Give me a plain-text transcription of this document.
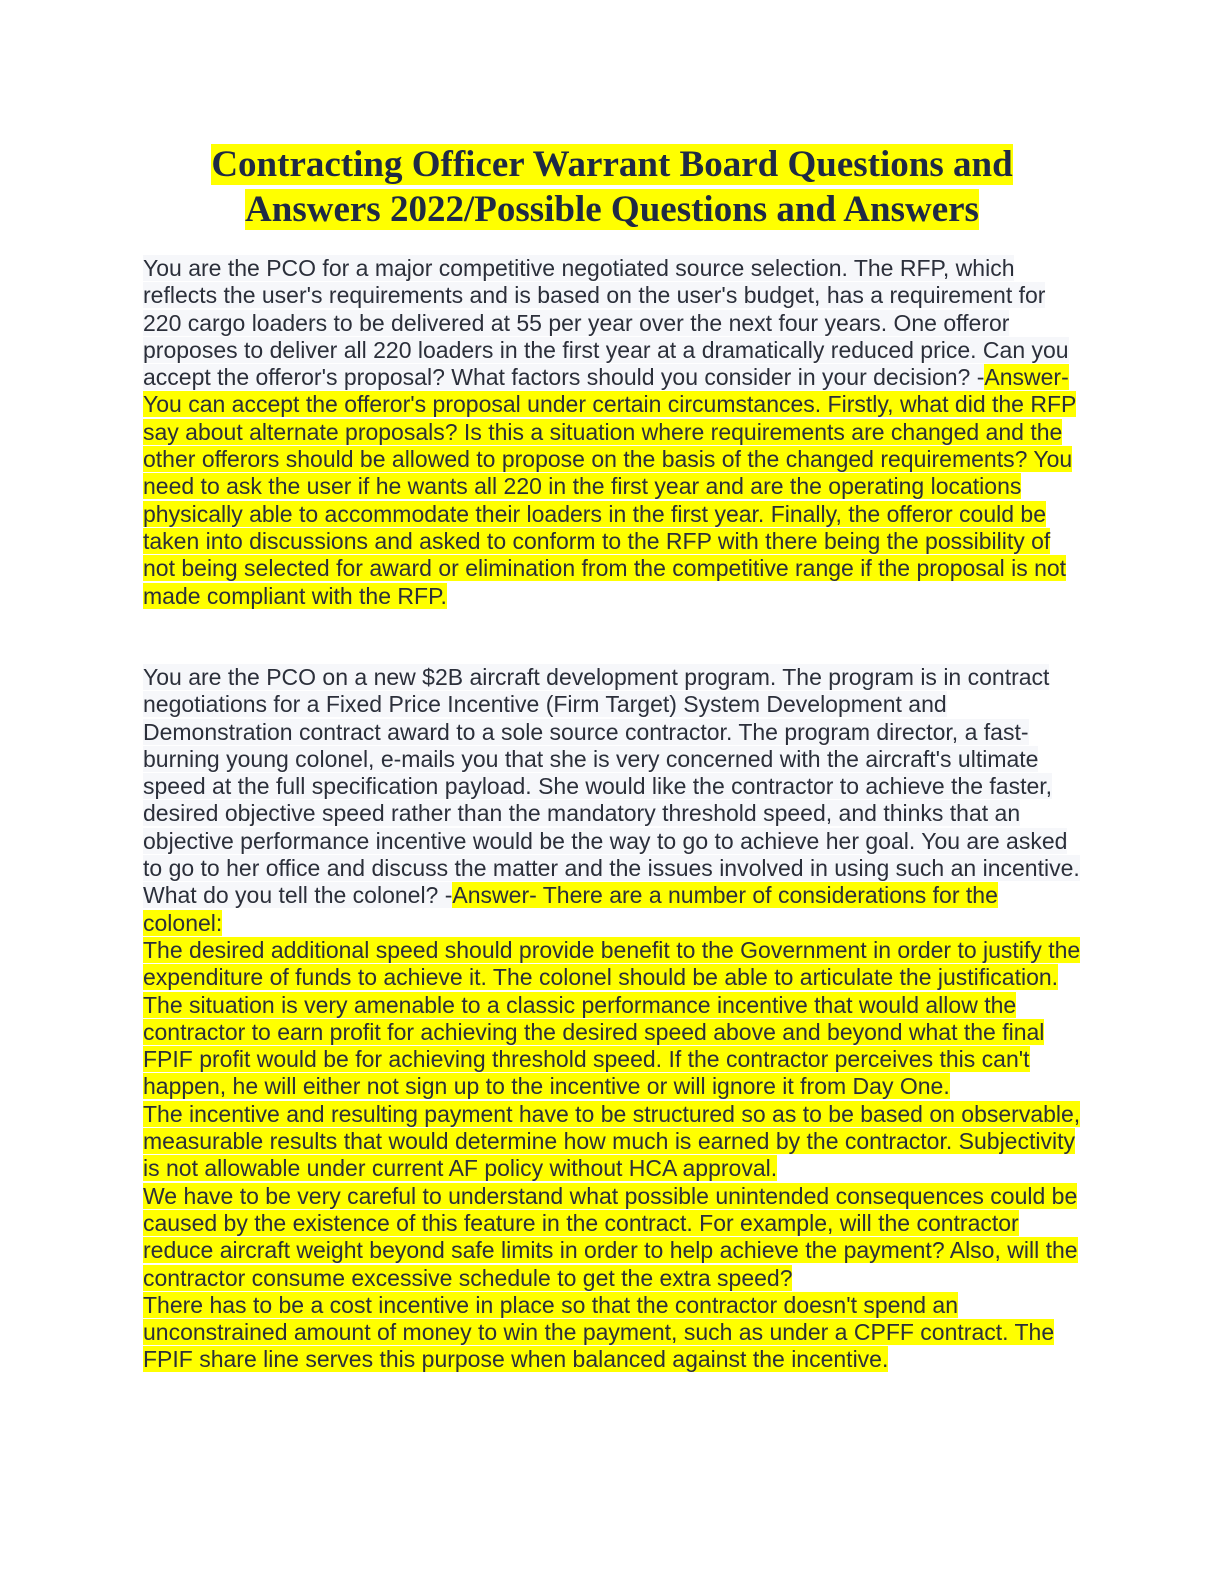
Contracting Officer Warrant Board Questions and
Answers 2022/Possible Questions and Answers
You are the PCO for a major competitive negotiated source selection. The RFP, which reflects the user's requirements and is based on the user's budget, has a requirement for 220 cargo loaders to be delivered at 55 per year over the next four years. One offeror proposes to deliver all 220 loaders in the first year at a dramatically reduced price. Can you accept the offeror's proposal? What factors should you consider in your decision? -Answer- You can accept the offeror's proposal under certain circumstances. Firstly, what did the RFP say about alternate proposals? Is this a situation where requirements are changed and the other offerors should be allowed to propose on the basis of the changed requirements? You need to ask the user if he wants all 220 in the first year and are the operating locations physically able to accommodate their loaders in the first year. Finally, the offeror could be taken into discussions and asked to conform to the RFP with there being the possibility of not being selected for award or elimination from the competitive range if the proposal is not made compliant with the RFP.
You are the PCO on a new $2B aircraft development program. The program is in contract negotiations for a Fixed Price Incentive (Firm Target) System Development and Demonstration contract award to a sole source contractor. The program director, a fast-burning young colonel, e-mails you that she is very concerned with the aircraft's ultimate speed at the full specification payload. She would like the contractor to achieve the faster, desired objective speed rather than the mandatory threshold speed, and thinks that an objective performance incentive would be the way to go to achieve her goal. You are asked to go to her office and discuss the matter and the issues involved in using such an incentive. What do you tell the colonel? -Answer- There are a number of considerations for the colonel:
The desired additional speed should provide benefit to the Government in order to justify the expenditure of funds to achieve it. The colonel should be able to articulate the justification.
The situation is very amenable to a classic performance incentive that would allow the contractor to earn profit for achieving the desired speed above and beyond what the final FPIF profit would be for achieving threshold speed. If the contractor perceives this can't happen, he will either not sign up to the incentive or will ignore it from Day One.
The incentive and resulting payment have to be structured so as to be based on observable, measurable results that would determine how much is earned by the contractor. Subjectivity is not allowable under current AF policy without HCA approval.
We have to be very careful to understand what possible unintended consequences could be caused by the existence of this feature in the contract. For example, will the contractor reduce aircraft weight beyond safe limits in order to help achieve the payment? Also, will the contractor consume excessive schedule to get the extra speed?
There has to be a cost incentive in place so that the contractor doesn't spend an unconstrained amount of money to win the payment, such as under a CPFF contract. The FPIF share line serves this purpose when balanced against the incentive.
